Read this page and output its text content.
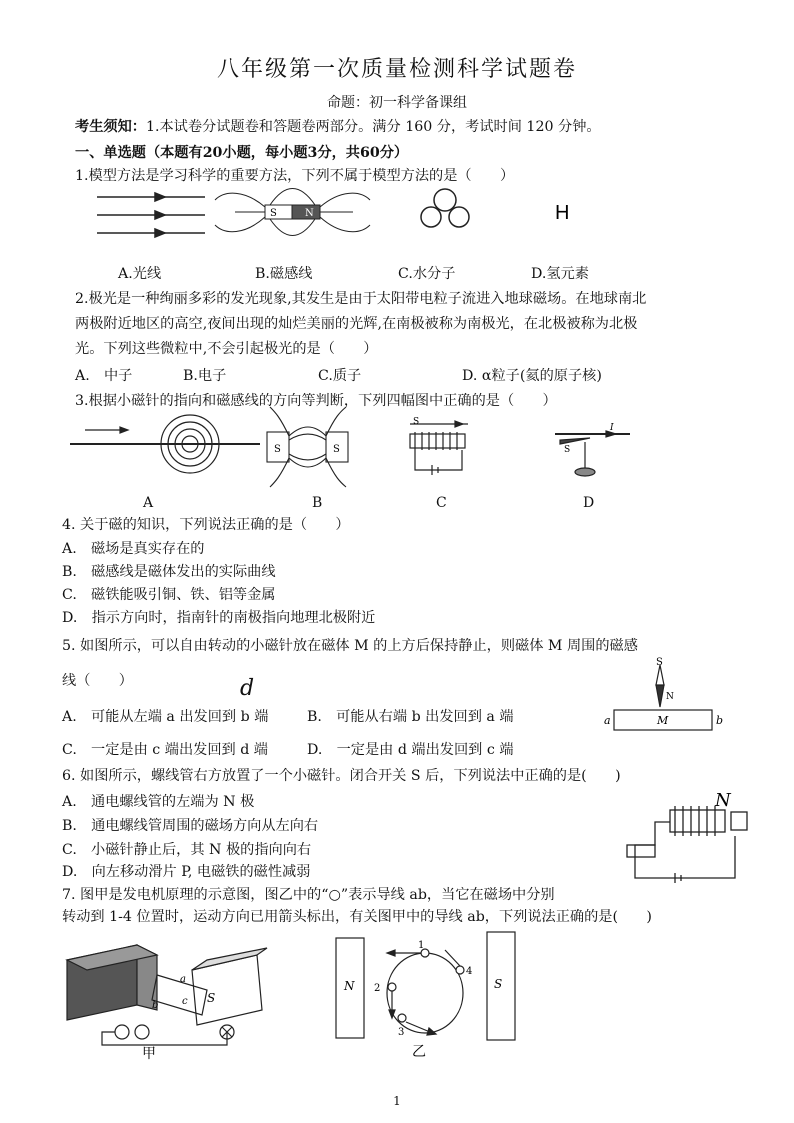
八年级第一次质量检测科学试题卷
命题：初一科学备课组
考生须知：1.本试卷分试题卷和答题卷两部分。满分 160 分，考试时间 120 分钟。
一、单选题（本题有20小题，每小题3分，共60分）
1.模型方法是学习科学的重要方法，下列不属于模型方法的是（　　）
S	N	H
A.光线	B.磁感线	C.水分子	D.氢元素
2.极光是一种绚丽多彩的发光现象,其发生是由于太阳带电粒子流进入地球磁场。在地球南北
两极附近地区的高空,夜间出现的灿烂美丽的光辉,在南极被称为南极光，在北极被称为北极
光。下列这些微粒中,不会引起极光的是（　　）
A.　中子	B.电子	C.质子	D. α粒子(氦的原子核)
3.根据小磁针的指向和磁感线的方向等判断，下列四幅图中正确的是（　　）
S	S
S
I
S
A	B	C	D
4. 关于磁的知识，下列说法正确的是（　　）
A.　磁场是真实存在的
B.　磁感线是磁体发出的实际曲线
C.　磁铁能吸引铜、铁、铝等金属
D.　指示方向时，指南针的南极指向地理北极附近
5. 如图所示，可以自由转动的小磁针放在磁体 M 的上方后保持静止，则磁体 M 周围的磁感
线（　　）	d
A.　可能从左端 a 出发回到 b 端	B.　可能从右端 b 出发回到 a 端
C.　一定是由 c 端出发回到 d 端	D.　一定是由 d 端出发回到 c 端
S
N
a	b
M
6. 如图所示，螺线管右方放置了一个小磁针。闭合开关 S 后，下列说法中正确的是(　　)
A.　通电螺线管的左端为 N 极
B.　通电螺线管周围的磁场方向从左向右
C.　小磁针静止后，其 N 极的指向向右
D.　向左移动滑片 P, 电磁铁的磁性减弱
N
7. 图甲是发电机原理的示意图，图乙中的“○”表示导线 ab，当它在磁场中分别
转动到 1-4 位置时，运动方向已用箭头标出，有关图甲中的导线 ab，下列说法正确的是(　　)
a
b c S
甲
N	S
1
2
3
4
乙
1
